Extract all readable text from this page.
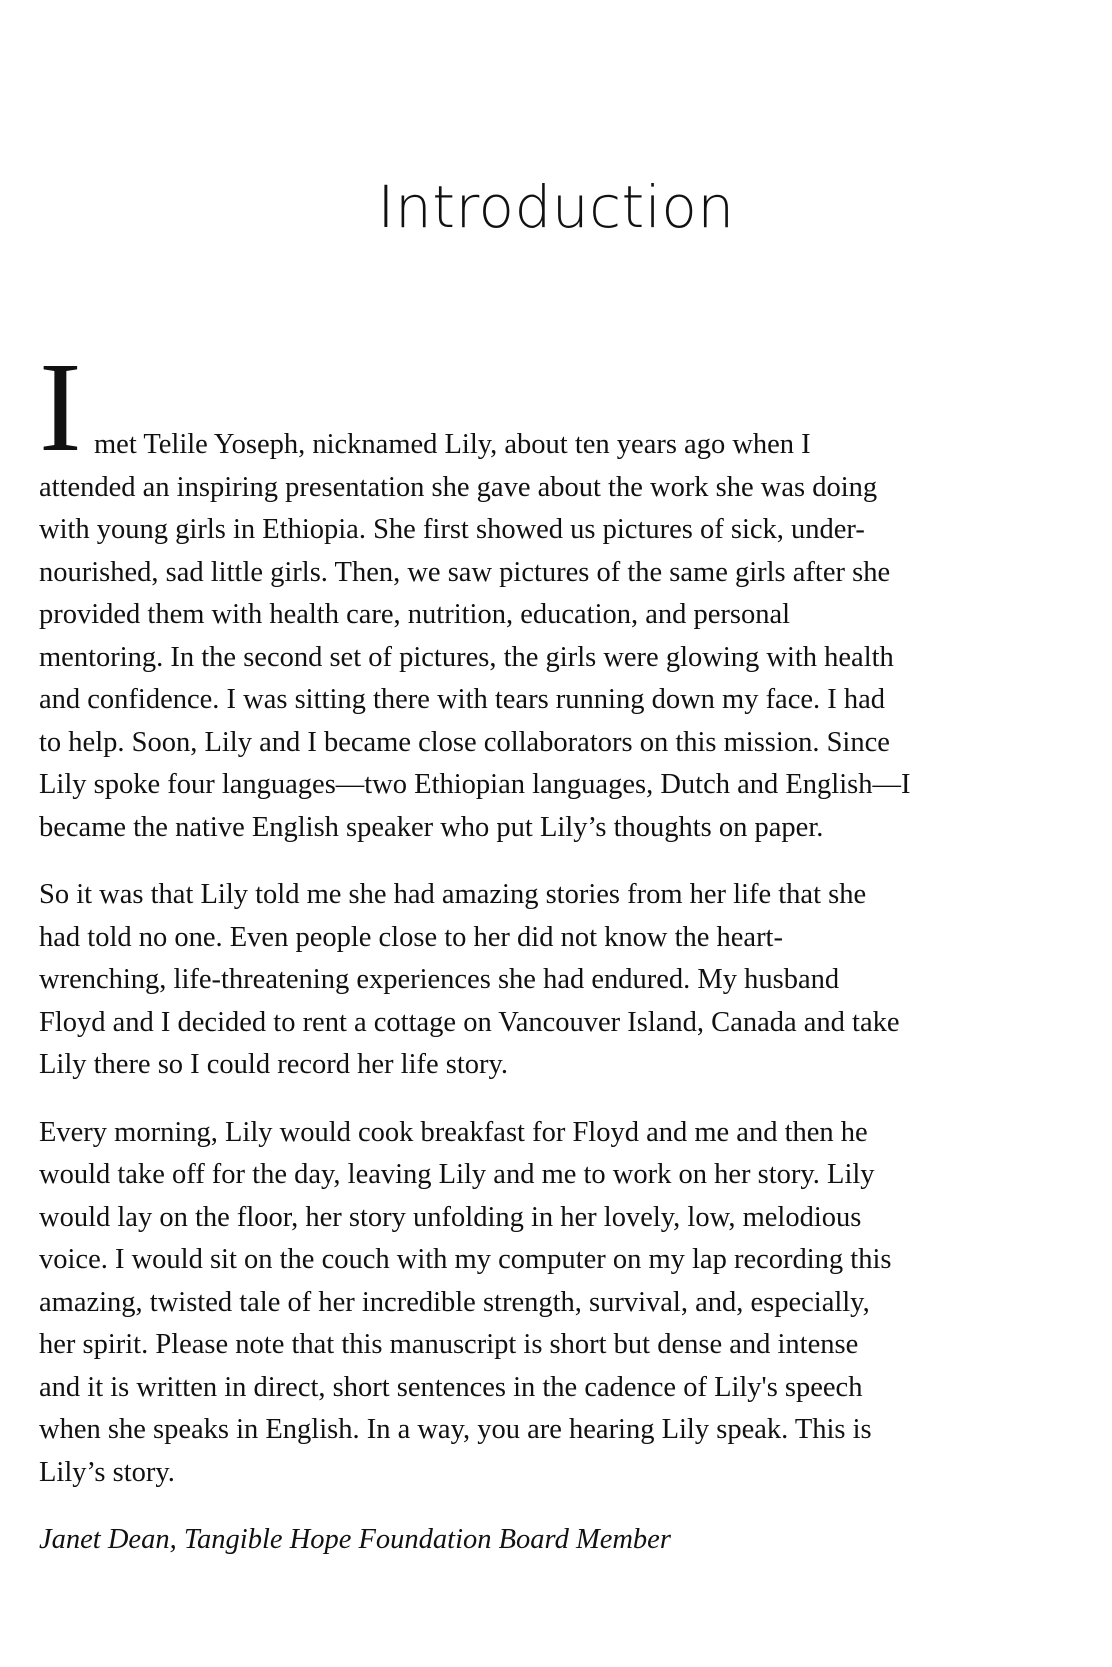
Introduction
I met Telile Yoseph, nicknamed Lily, about ten years ago when I
attended an inspiring presentation she gave about the work she was doing
with young girls in Ethiopia. She first showed us pictures of sick, under-
nourished, sad little girls. Then, we saw pictures of the same girls after she
provided them with health care, nutrition, education, and personal
mentoring. In the second set of pictures, the girls were glowing with health
and confidence. I was sitting there with tears running down my face. I had
to help. Soon, Lily and I became close collaborators on this mission. Since
Lily spoke four languages—two Ethiopian languages, Dutch and English—I
became the native English speaker who put Lily’s thoughts on paper.
So it was that Lily told me she had amazing stories from her life that she
had told no one. Even people close to her did not know the heart-
wrenching, life-threatening experiences she had endured. My husband
Floyd and I decided to rent a cottage on Vancouver Island, Canada and take
Lily there so I could record her life story.
Every morning, Lily would cook breakfast for Floyd and me and then he
would take off for the day, leaving Lily and me to work on her story. Lily
would lay on the floor, her story unfolding in her lovely, low, melodious
voice. I would sit on the couch with my computer on my lap recording this
amazing, twisted tale of her incredible strength, survival, and, especially,
her spirit. Please note that this manuscript is short but dense and intense
and it is written in direct, short sentences in the cadence of Lily's speech
when she speaks in English. In a way, you are hearing Lily speak. This is
Lily’s story.

Janet Dean, Tangible Hope Foundation Board Member
